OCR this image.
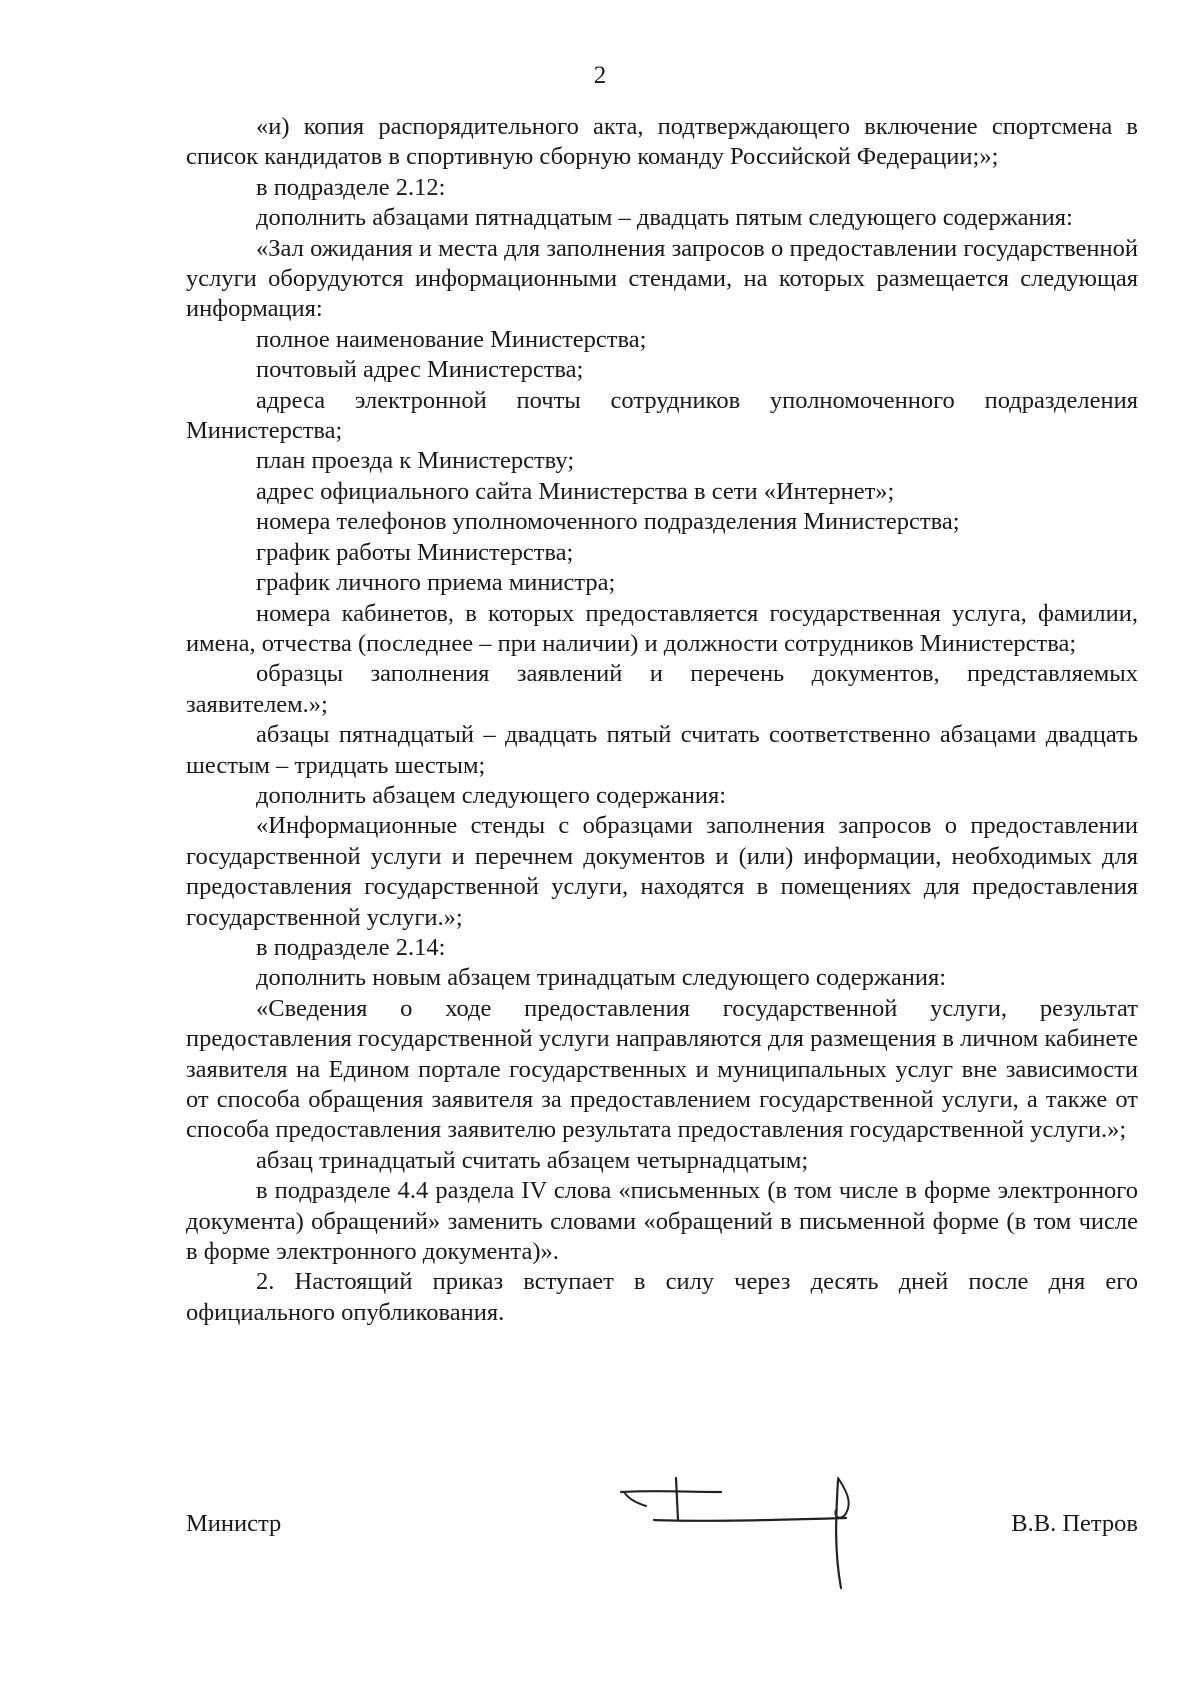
2

«и) копия распорядительного акта, подтверждающего включение спортсмена в список кандидатов в спортивную сборную команду Российской Федерации;»;

в подразделе 2.12:

дополнить абзацами пятнадцатым – двадцать пятым следующего содержания:

«Зал ожидания и места для заполнения запросов о предоставлении государственной услуги оборудуются информационными стендами, на которых размещается следующая информация:

полное наименование Министерства;

почтовый адрес Министерства;

адреса электронной почты сотрудников уполномоченного подразделения Министерства;

план проезда к Министерству;

адрес официального сайта Министерства в сети «Интернет»;

номера телефонов уполномоченного подразделения Министерства;

график работы Министерства;

график личного приема министра;

номера кабинетов, в которых предоставляется государственная услуга, фамилии, имена, отчества (последнее – при наличии) и должности сотрудников Министерства;

образцы заполнения заявлений и перечень документов, представляемых заявителем.»;

абзацы пятнадцатый – двадцать пятый считать соответственно абзацами двадцать шестым – тридцать шестым;

дополнить абзацем следующего содержания:

«Информационные стенды с образцами заполнения запросов о предоставлении государственной услуги и перечнем документов и (или) информации, необходимых для предоставления государственной услуги, находятся в помещениях для предоставления государственной услуги.»;

в подразделе 2.14:

дополнить новым абзацем тринадцатым следующего содержания:

«Сведения о ходе предоставления государственной услуги, результат предоставления государственной услуги направляются для размещения в личном кабинете заявителя на Едином портале государственных и муниципальных услуг вне зависимости от способа обращения заявителя за предоставлением государственной услуги, а также от способа предоставления заявителю результата предоставления государственной услуги.»;

абзац тринадцатый считать абзацем четырнадцатым;

в подразделе 4.4 раздела IV слова «письменных (в том числе в форме электронного документа) обращений» заменить словами «обращений в письменной форме (в том числе в форме электронного документа)».

2. Настоящий приказ вступает в силу через десять дней после дня его официального опубликования.

Министр	В.В. Петров
